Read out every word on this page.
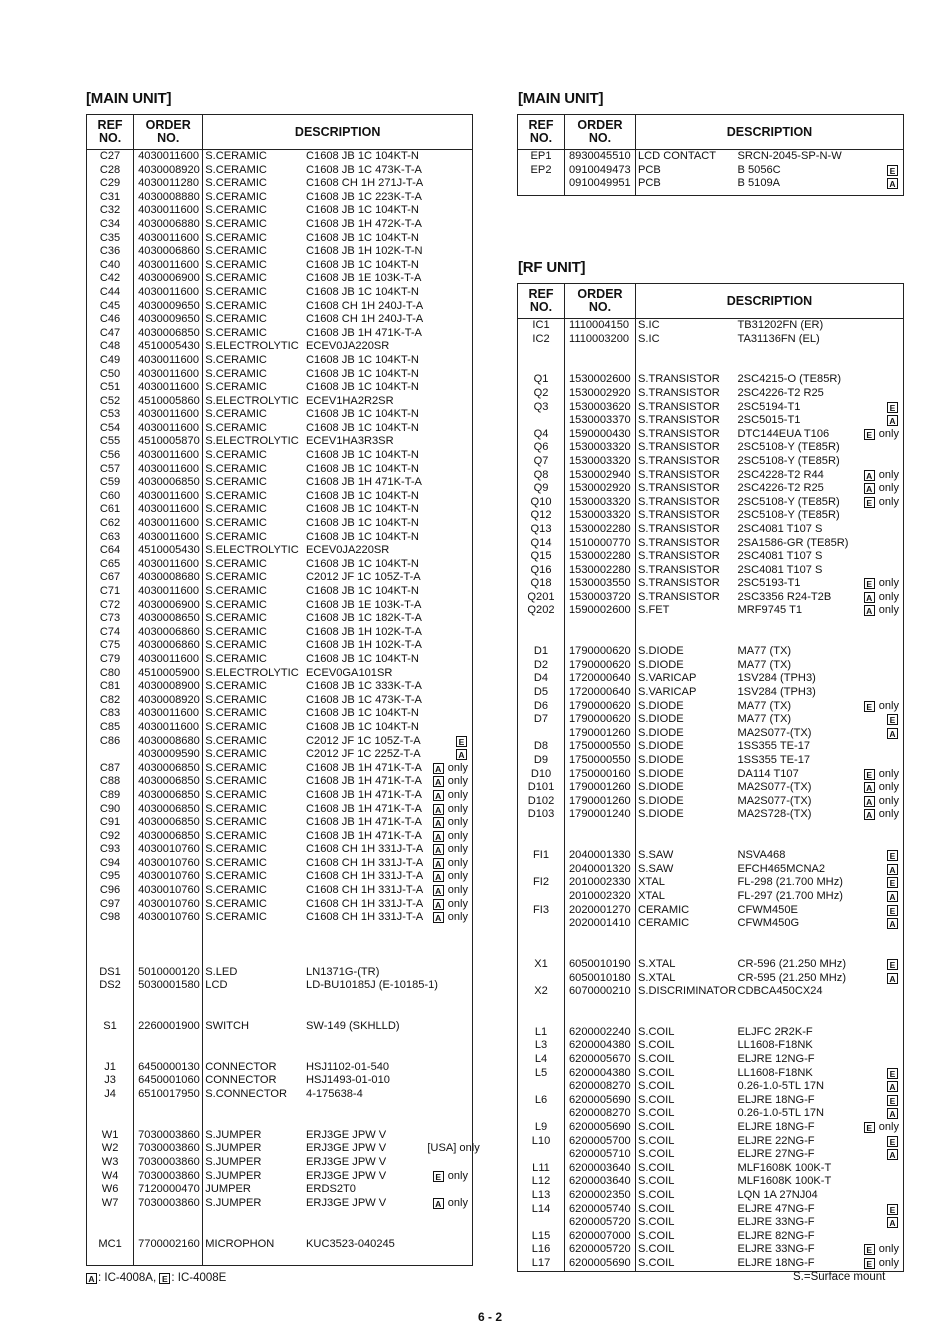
[MAIN UNIT]
REF NO.	ORDER NO.	DESCRIPTION		
C27	4030011600	S.CERAMIC	C1608 JB 1C 104KT-N	
C28	4030008920	S.CERAMIC	C1608 JB 1C 473K-T-A	
C29	4030011280	S.CERAMIC	C1608 CH 1H 271J-T-A	
C31	4030008880	S.CERAMIC	C1608 JB 1C 223K-T-A	
C32	4030011600	S.CERAMIC	C1608 JB 1C 104KT-N	
C34	4030006880	S.CERAMIC	C1608 JB 1H 472K-T-A	
C35	4030011600	S.CERAMIC	C1608 JB 1C 104KT-N	
C36	4030006860	S.CERAMIC	C1608 JB 1H 102K-T-N	
C40	4030011600	S.CERAMIC	C1608 JB 1C 104KT-N	
C42	4030006900	S.CERAMIC	C1608 JB 1E 103K-T-A	
C44	4030011600	S.CERAMIC	C1608 JB 1C 104KT-N	
C45	4030009650	S.CERAMIC	C1608 CH 1H 240J-T-A	
C46	4030009650	S.CERAMIC	C1608 CH 1H 240J-T-A	
C47	4030006850	S.CERAMIC	C1608 JB 1H 471K-T-A	
C48	4510005430	S.ELECTROLYTIC	ECEV0JA220SR	
C49	4030011600	S.CERAMIC	C1608 JB 1C 104KT-N	
C50	4030011600	S.CERAMIC	C1608 JB 1C 104KT-N	
C51	4030011600	S.CERAMIC	C1608 JB 1C 104KT-N	
C52	4510005860	S.ELECTROLYTIC	ECEV1HA2R2SR	
C53	4030011600	S.CERAMIC	C1608 JB 1C 104KT-N	
C54	4030011600	S.CERAMIC	C1608 JB 1C 104KT-N	
C55	4510005870	S.ELECTROLYTIC	ECEV1HA3R3SR	
C56	4030011600	S.CERAMIC	C1608 JB 1C 104KT-N	
C57	4030011600	S.CERAMIC	C1608 JB 1C 104KT-N	
C59	4030006850	S.CERAMIC	C1608 JB 1H 471K-T-A	
C60	4030011600	S.CERAMIC	C1608 JB 1C 104KT-N	
C61	4030011600	S.CERAMIC	C1608 JB 1C 104KT-N	
C62	4030011600	S.CERAMIC	C1608 JB 1C 104KT-N	
C63	4030011600	S.CERAMIC	C1608 JB 1C 104KT-N	
C64	4510005430	S.ELECTROLYTIC	ECEV0JA220SR	
C65	4030011600	S.CERAMIC	C1608 JB 1C 104KT-N	
C67	4030008680	S.CERAMIC	C2012 JF 1C 105Z-T-A	
C71	4030011600	S.CERAMIC	C1608 JB 1C 104KT-N	
C72	4030006900	S.CERAMIC	C1608 JB 1E 103K-T-A	
C73	4030008650	S.CERAMIC	C1608 JB 1C 182K-T-A	
C74	4030006860	S.CERAMIC	C1608 JB 1H 102K-T-A	
C75	4030006860	S.CERAMIC	C1608 JB 1H 102K-T-A	
C79	4030011600	S.CERAMIC	C1608 JB 1C 104KT-N	
C80	4510005900	S.ELECTROLYTIC	ECEV0GA101SR	
C81	4030008900	S.CERAMIC	C1608 JB 1C 333K-T-A	
C82	4030008920	S.CERAMIC	C1608 JB 1C 473K-T-A	
C83	4030011600	S.CERAMIC	C1608 JB 1C 104KT-N	
C85	4030011600	S.CERAMIC	C1608 JB 1C 104KT-N	
C86	4030008680	S.CERAMIC	C2012 JF 1C 105Z-T-A	E
	4030009590	S.CERAMIC	C2012 JF 1C 225Z-T-A	A
C87	4030006850	S.CERAMIC	C1608 JB 1H 471K-T-A	A only
C88	4030006850	S.CERAMIC	C1608 JB 1H 471K-T-A	A only
C89	4030006850	S.CERAMIC	C1608 JB 1H 471K-T-A	A only
C90	4030006850	S.CERAMIC	C1608 JB 1H 471K-T-A	A only
C91	4030006850	S.CERAMIC	C1608 JB 1H 471K-T-A	A only
C92	4030006850	S.CERAMIC	C1608 JB 1H 471K-T-A	A only
C93	4030010760	S.CERAMIC	C1608 CH 1H 331J-T-A	A only
C94	4030010760	S.CERAMIC	C1608 CH 1H 331J-T-A	A only
C95	4030010760	S.CERAMIC	C1608 CH 1H 331J-T-A	A only
C96	4030010760	S.CERAMIC	C1608 CH 1H 331J-T-A	A only
C97	4030010760	S.CERAMIC	C1608 CH 1H 331J-T-A	A only
C98	4030010760	S.CERAMIC	C1608 CH 1H 331J-T-A	A only

DS1	5010000120	S.LED	LN1371G-(TR)	
DS2	5030001580	LCD	LD-BU10185J (E-10185-1)	

S1	2260001900	SWITCH	SW-149 (SKHLLD)	

J1	6450000130	CONNECTOR	HSJ1102-01-540	
J3	6450001060	CONNECTOR	HSJ1493-01-010	
J4	6510017950	S.CONNECTOR	4-175638-4	

W1	7030003860	S.JUMPER	ERJ3GE JPW V	
W2	7030003860	S.JUMPER	ERJ3GE JPW V	[USA] only
W3	7030003860	S.JUMPER	ERJ3GE JPW V	
W4	7030003860	S.JUMPER	ERJ3GE JPW V	E only
W6	7120000470	JUMPER	ERDS2T0	
W7	7030003860	S.JUMPER	ERJ3GE JPW V	A only

MC1	7700002160	MICROPHON	KUC3523-040245	

[MAIN UNIT]
REF NO.	ORDER NO.	DESCRIPTION		
EP1	8930045510	LCD CONTACT	SRCN-2045-SP-N-W	
EP2	0910049473	PCB	B 5056C	E
	0910049951	PCB	B 5109A	A

[RF UNIT]
REF NO.	ORDER NO.	DESCRIPTION		
IC1	1110004150	S.IC	TB31202FN (ER)	
IC2	1110003200	S.IC	TA31136FN (EL)	

Q1	1530002600	S.TRANSISTOR	2SC4215-O (TE85R)	
Q2	1530002920	S.TRANSISTOR	2SC4226-T2 R25	
Q3	1530003620	S.TRANSISTOR	2SC5194-T1	E
	1530003370	S.TRANSISTOR	2SC5015-T1	A
Q4	1590000430	S.TRANSISTOR	DTC144EUA T106	E only
Q6	1530003320	S.TRANSISTOR	2SC5108-Y (TE85R)	
Q7	1530003320	S.TRANSISTOR	2SC5108-Y (TE85R)	
Q8	1530002940	S.TRANSISTOR	2SC4228-T2 R44	A only
Q9	1530002920	S.TRANSISTOR	2SC4226-T2 R25	A only
Q10	1530003320	S.TRANSISTOR	2SC5108-Y (TE85R)	E only
Q12	1530003320	S.TRANSISTOR	2SC5108-Y (TE85R)	
Q13	1530002280	S.TRANSISTOR	2SC4081 T107 S	
Q14	1510000770	S.TRANSISTOR	2SA1586-GR (TE85R)	
Q15	1530002280	S.TRANSISTOR	2SC4081 T107 S	
Q16	1530002280	S.TRANSISTOR	2SC4081 T107 S	
Q18	1530003550	S.TRANSISTOR	2SC5193-T1	E only
Q201	1530003720	S.TRANSISTOR	2SC3356 R24-T2B	A only
Q202	1590002600	S.FET	MRF9745 T1	A only

D1	1790000620	S.DIODE	MA77 (TX)	
D2	1790000620	S.DIODE	MA77 (TX)	
D4	1720000640	S.VARICAP	1SV284 (TPH3)	
D5	1720000640	S.VARICAP	1SV284 (TPH3)	
D6	1790000620	S.DIODE	MA77 (TX)	E only
D7	1790000620	S.DIODE	MA77 (TX)	E
	1790001260	S.DIODE	MA2S077-(TX)	A
D8	1750000550	S.DIODE	1SS355 TE-17	
D9	1750000550	S.DIODE	1SS355 TE-17	
D10	1750000160	S.DIODE	DA114 T107	E only
D101	1790001260	S.DIODE	MA2S077-(TX)	A only
D102	1790001260	S.DIODE	MA2S077-(TX)	A only
D103	1790001240	S.DIODE	MA2S728-(TX)	A only

FI1	2040001330	S.SAW	NSVA468	E
	2040001320	S.SAW	EFCH465MCNA2	A
FI2	2010002330	XTAL	FL-298 (21.700 MHz)	E
	2010002320	XTAL	FL-297 (21.700 MHz)	A
FI3	2020001270	CERAMIC	CFWM450E	E
	2020001410	CERAMIC	CFWM450G	A

X1	6050010190	S.XTAL	CR-596 (21.250 MHz)	E
	6050010180	S.XTAL	CR-595 (21.250 MHz)	A
X2	6070000210	S.DISCRIMINATOR	CDBCA450CX24	

L1	6200002240	S.COIL	ELJFC 2R2K-F	
L3	6200004380	S.COIL	LL1608-F18NK	
L4	6200005670	S.COIL	ELJRE 12NG-F	
L5	6200004380	S.COIL	LL1608-F18NK	E
	6200008270	S.COIL	0.26-1.0-5TL 17N	A
L6	6200005690	S.COIL	ELJRE 18NG-F	E
	6200008270	S.COIL	0.26-1.0-5TL 17N	A
L9	6200005690	S.COIL	ELJRE 18NG-F	E only
L10	6200005700	S.COIL	ELJRE 22NG-F	E
	6200005710	S.COIL	ELJRE 27NG-F	A
L11	6200003640	S.COIL	MLF1608K 100K-T	
L12	6200003640	S.COIL	MLF1608K 100K-T	
L13	6200002350	S.COIL	LQN 1A 27NJ04	
L14	6200005740	S.COIL	ELJRE 47NG-F	E
	6200005720	S.COIL	ELJRE 33NG-F	A
L15	6200007000	S.COIL	ELJRE 82NG-F	
L16	6200005720	S.COIL	ELJRE 33NG-F	E only
L17	6200005690	S.COIL	ELJRE 18NG-F	E only

A : IC-4008A, E : IC-4008E	S.=Surface mount
6 - 2
